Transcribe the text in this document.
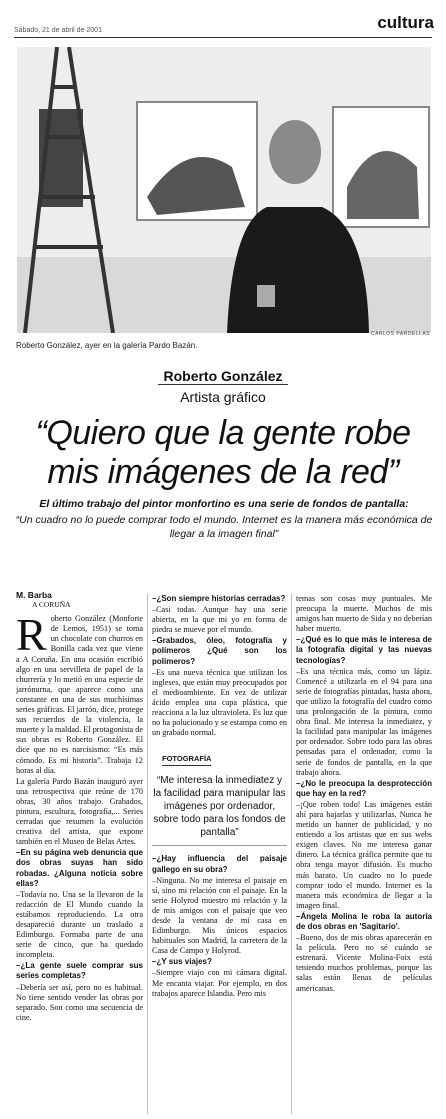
Sábado, 21 de abril de 2001	cultura
CARLOS PARDELLAS
Roberto González, ayer en la galería Pardo Bazán.
Roberto González
Artista gráfico
“Quiero que la gente robe
mis imágenes de la red”
El último trabajo del pintor monfortino es una serie de fondos de pantalla:
“Un cuadro no lo puede comprar todo el mundo. Internet es la manera más económica de llegar a la imagen final”
M. Barba
A CORUÑA

Roberto González (Monforte de Lemos, 1951) se toma un chocolate con churros en Bonilla cada vez que viene a A Coruña. En una ocasión escribió algo en una servilleta de papel de la churrería y lo metió en una especie de jarrónurna, que aparece como una constante en una de sus muchísimas series gráficas. El jarrón, dice, protege sus recuerdos de la violencia, la muerte y la maldad. El protagonista de sus obras es Roberto González. El dice que no es narcisismo: “Es más cómodo. Es mi historia”. Trabaja 12 horas al día.

La galería Pardo Bazán inauguró ayer una retrospectiva que reúne de 170 obras, 30 años trabajo. Grabados, pintura, escultura, fotografía,... Series cerradas que resumen la evolución creativa del artista, que expone también en el Museo de Belas Artes.

–En su página web denuncia que dos obras suyas han sido robadas. ¿Alguna noticia sobre ellas?

–Todavía no. Una se la llevaron de la redacción de El Mundo cuando la estábamos reproduciendo. La otra desapareció durante un traslado a Edimburgo. Formaba parte de una serie de cinco, que ha quedado incompleta.

–¿La gente suele comprar sus series completas?

–Debería ser así, pero no es habitual. No tiene sentido vender las obras por separado. Son como una secuencia de cine.

–¿Son siempre historias cerradas?

–Casi todas. Aunque hay una serie abierta, en la que mi yo en forma de piedra se mueve por el mundo.

–Grabados, óleo, fotografía y polímeros ¿Qué son los polímeros?

–Es una nueva técnica que utilizan los ingleses, que están muy preocupados por el medioambiente. En vez de utilizar ácido emplea una capa plástica, que reacciona a la luz ultravioleta. Es luz que no ha polucionado y se estampa como en un grabado normal.

FOTOGRAFÍA
“Me interesa la inmediatez y la facilidad para manipular las imágenes por ordenador, sobre todo para los fondos de pantalla”

–¿Hay influencia del paisaje gallego en su obra?

–Ninguna. No me interesa el paisaje en sí, sino mi relación con el paisaje. En la serie Holyrod muestro mi relación y la de mis amigos con el paisaje que veo desde la ventana de mi casa en Edimburgo. Mis únicos espacios habituales son Madrid, la carretera de la Casa de Campo y Holyrod.

–¿Y sus viajes?

–Siempre viajo con mi cámara digital. Me encanta viajar. Por ejemplo, en dos trabajos aparece Islandia. Pero mis

temas son cosas muy puntuales. Me preocupa la muerte. Muchos de mis amigos han muerto de Sida y no deberían haber muerto.

–¿Qué es lo que más le interesa de la fotografía digital y las nuevas tecnologías?

–Es una técnica más, como un lápiz. Comencé a utilizarla en el 94 para una serie de fotografías pintadas, hasta ahora, que utilizo la fotografía del cuadro como una prolongación de la pintura, como obra final. Me interesa la inmediatez, y la facilidad para manipular las imágenes por ordenador. Sobre todo para las obras pensadas para el ordenador, como la serie de fondos de pantalla, en la que trabajo ahora.

–¿No le preocupa la desprotección que hay en la red?

–¡Que roben todo! Las imágenes están ahí para bajarlas y utilizarlas. Nunca he metido un banner de publicidad, y no entiendo a los artistas que en sus webs exigen claves. No me interesa ganar dinero. La técnica gráfica permite que tu obra tenga mayor difusión. Es mucho más barato. Un cuadro no lo puede comprar todo el mundo. Internet es la manera más económica de llegar a la imagen final.

–Ángela Molina le roba la autoría de dos obras en 'Sagitario'.

–Bueno, dos de mis obras aparecerán en la película. Pero no sé cuándo se estrenará. Vicente Molina-Foix está teniendo muchos problemas, porque las salas están llenas de películas americanas.
